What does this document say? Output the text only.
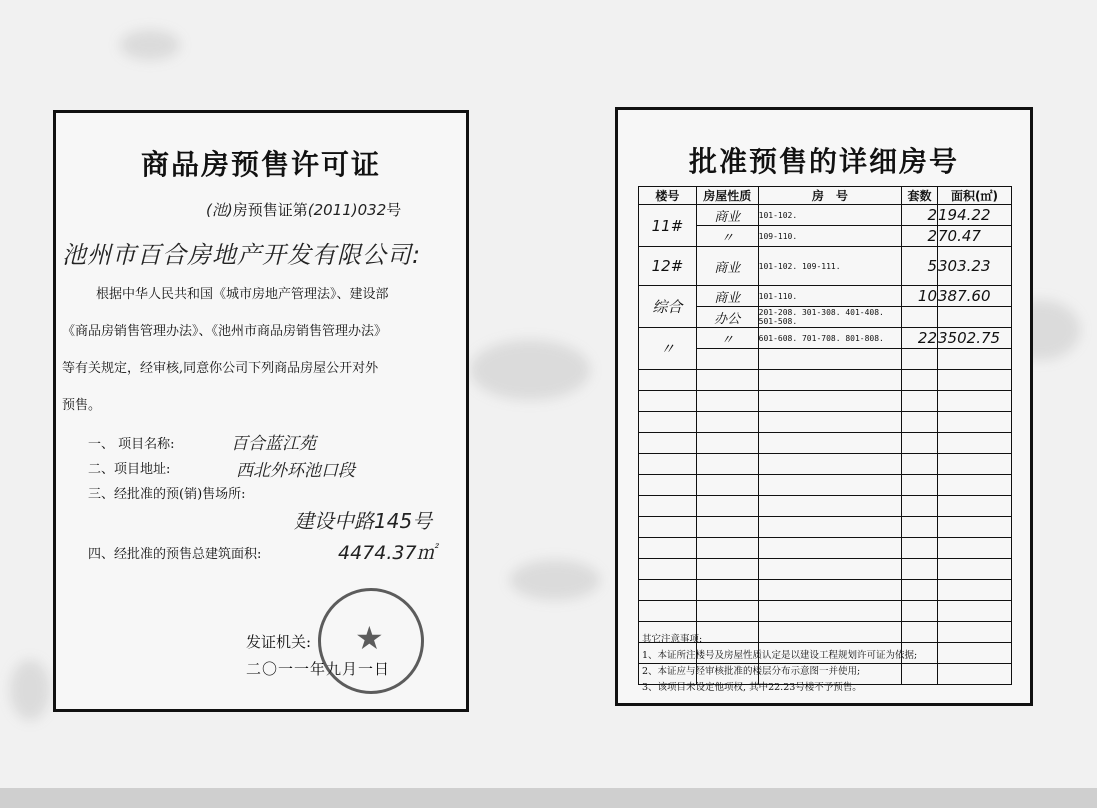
商品房预售许可证
(池)房预售证第(2011)032号
池州市百合房地产开发有限公司:
根据中华人民共和国《城市房地产管理法》、建设部
《商品房销售管理办法》、《池州市商品房销售管理办法》
等有关规定，经审核,同意你公司下列商品房屋公开对外
预售。
一、 项目名称:	百合蓝江苑
二、项目地址:	西北外环池口段
三、经批准的预(销)售场所:
建设中路145号
四、经批准的预售总建筑面积:	4474.37㎡
发证机关:
二〇一一年九月一日
★
批准预售的详细房号
楼号	房屋性质	房　号	套数	面积(㎡)
11#	商业	101-102.	2	194.22
	〃	109-110.	2	70.47
12#	商业	101-102. 109-111.	5	303.23
综合	商业	101-110.	10	387.60
	办公	201-208. 301-308. 401-408. 501-508.		
〃	〃	601-608. 701-708. 801-808.	22	3502.75

其它注意事项:
1、本证所注楼号及房屋性质认定是以建设工程规划许可证为依据;
2、本证应与经审核批准的楼层分布示意图一并使用;
3、该项目未设定他项权, 其中22.23号楼不予预售。
